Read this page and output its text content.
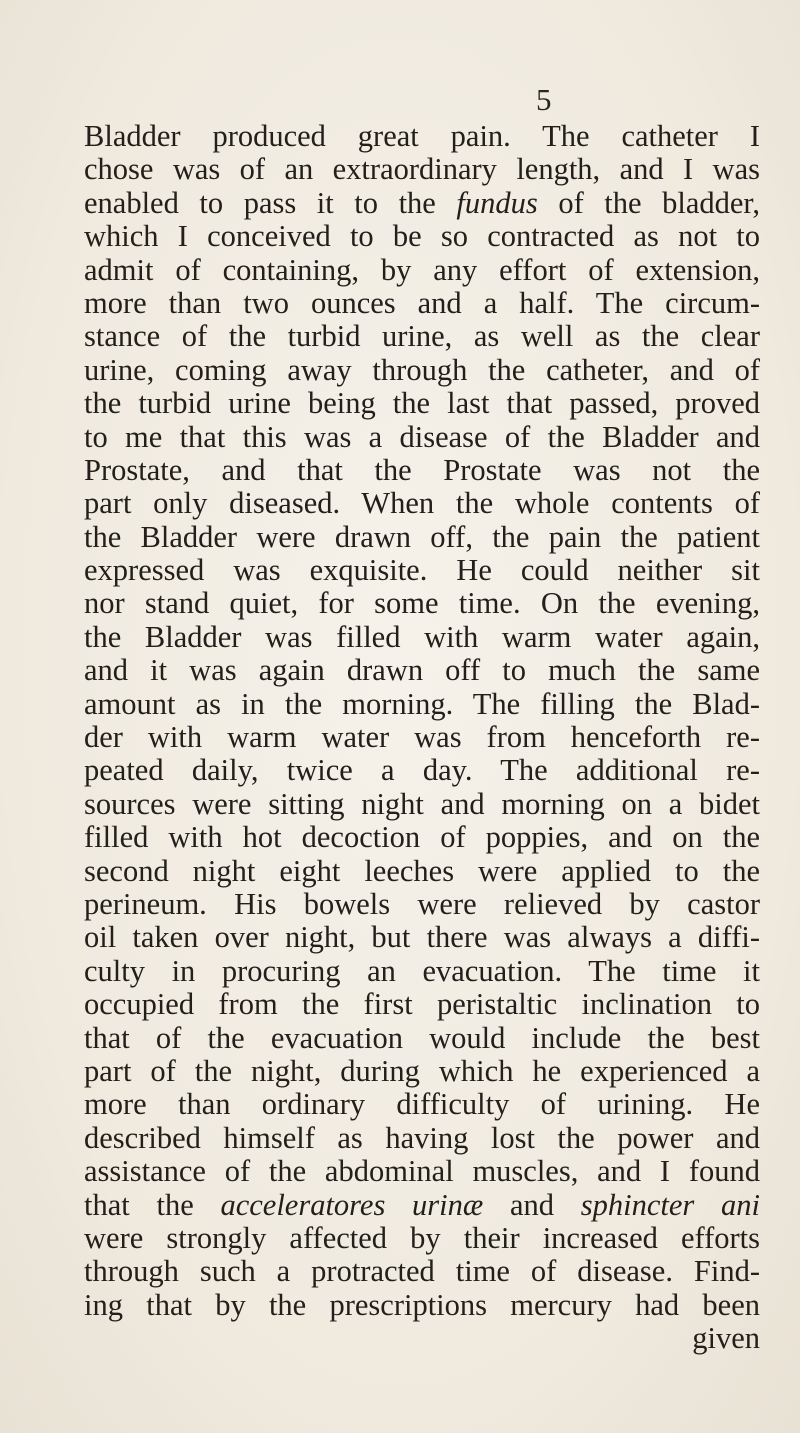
5

Bladder produced great pain. The catheter I
chose was of an extraordinary length, and I was
enabled to pass it to the fundus of the bladder,
which I conceived to be so contracted as not to
admit of containing, by any effort of extension,
more than two ounces and a half. The circum-
stance of the turbid urine, as well as the clear
urine, coming away through the catheter, and of
the turbid urine being the last that passed, proved
to me that this was a disease of the Bladder and
Prostate, and that the Prostate was not the
part only diseased. When the whole contents of
the Bladder were drawn off, the pain the patient
expressed was exquisite. He could neither sit
nor stand quiet, for some time. On the evening,
the Bladder was filled with warm water again,
and it was again drawn off to much the same
amount as in the morning. The filling the Blad-
der with warm water was from henceforth re-
peated daily, twice a day. The additional re-
sources were sitting night and morning on a bidet
filled with hot decoction of poppies, and on the
second night eight leeches were applied to the
perineum. His bowels were relieved by castor
oil taken over night, but there was always a diffi-
culty in procuring an evacuation. The time it
occupied from the first peristaltic inclination to
that of the evacuation would include the best
part of the night, during which he experienced a
more than ordinary difficulty of urining. He
described himself as having lost the power and
assistance of the abdominal muscles, and I found
that the acceleratores urinæ and sphincter ani
were strongly affected by their increased efforts
through such a protracted time of disease. Find-
ing that by the prescriptions mercury had been
given
